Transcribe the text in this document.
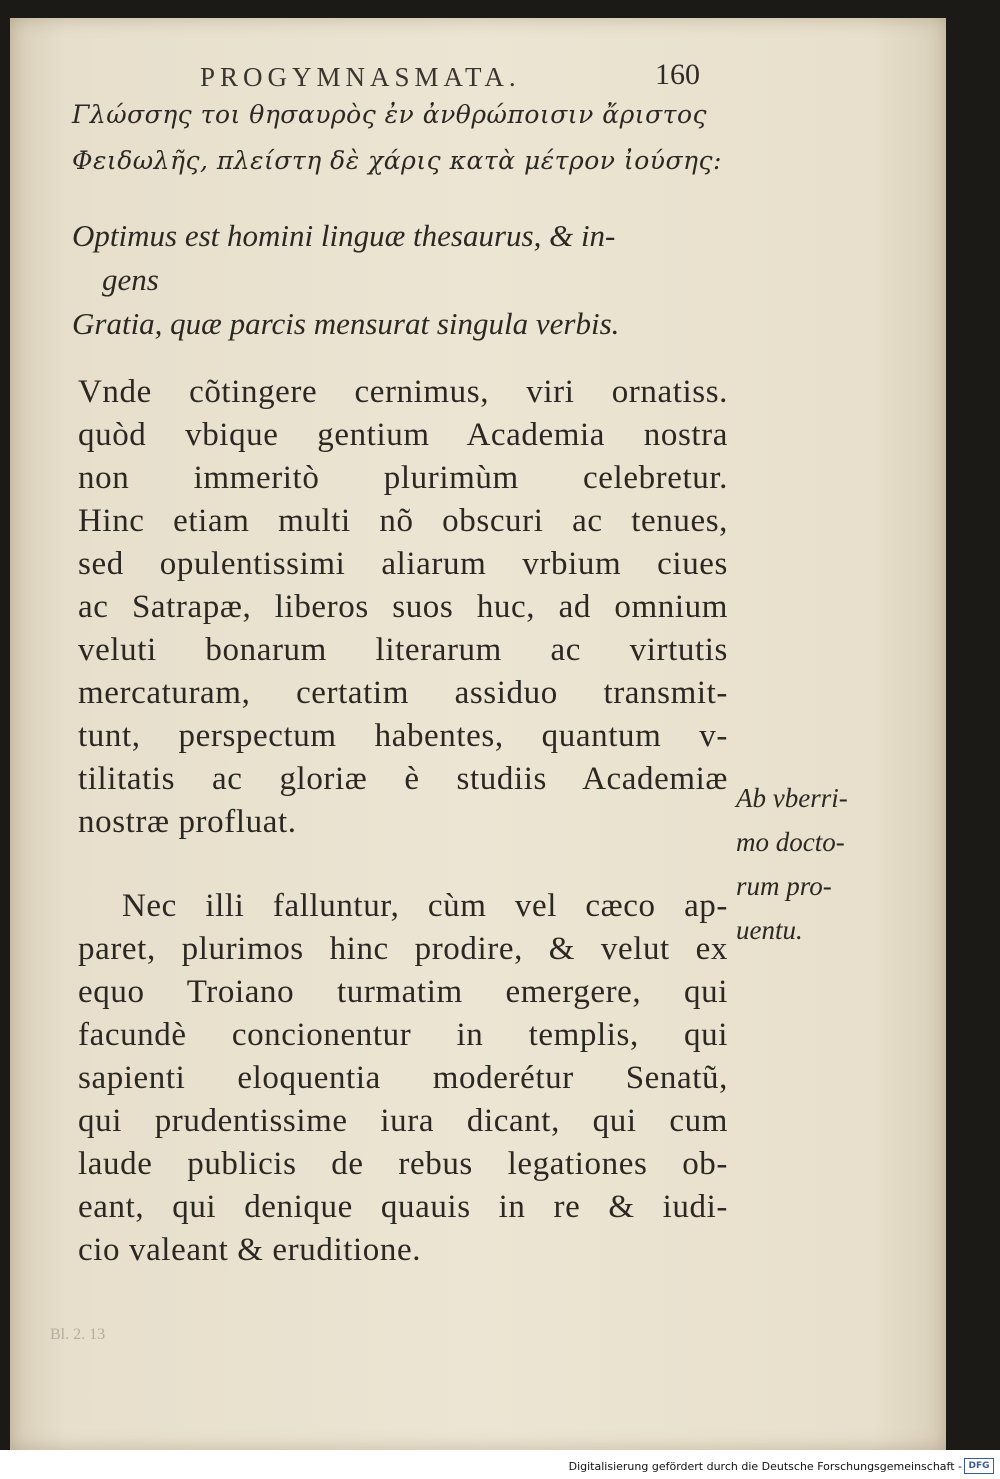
PROGYMNASMATA.	160
Γλώσσης τοι θησαυρὸς ἐν ἀνθρώποισιν ἄριστος
Φειδωλῆς, πλείστη δὲ χάρις κατὰ μέτρον ἰούσης:
Optimus est homini linguæ thesaurus, & in-
gens
Gratia, quæ parcis mensurat singula verbis.
Vnde cõtingere cernimus, viri ornatiss.
quòd vbique gentium Academia nostra
non immeritò plurimùm celebretur.
Hinc etiam multi nõ obscuri ac tenues,
sed opulentissimi aliarum vrbium ciues
ac Satrapæ, liberos suos huc, ad omnium
veluti bonarum literarum ac virtutis
mercaturam, certatim assiduo transmit-
tunt, perspectum habentes, quantum v-
tilitatis ac gloriæ è studiis Academiæ
nostræ profluat.
Nec illi falluntur, cùm vel cæco ap-
paret, plurimos hinc prodire, & velut ex
equo Troiano turmatim emergere, qui
facundè concionentur in templis, qui
sapienti eloquentia moderétur Senatũ,
qui prudentissime iura dicant, qui cum
laude publicis de rebus legationes ob-
eant, qui denique quauis in re & iudi-
cio valeant & eruditione.
Ab vberri-
mo docto-
rum pro-
uentu.
Bl. 2. 13
Digitalisierung gefördert durch die Deutsche Forschungsgemeinschaft - DFG
